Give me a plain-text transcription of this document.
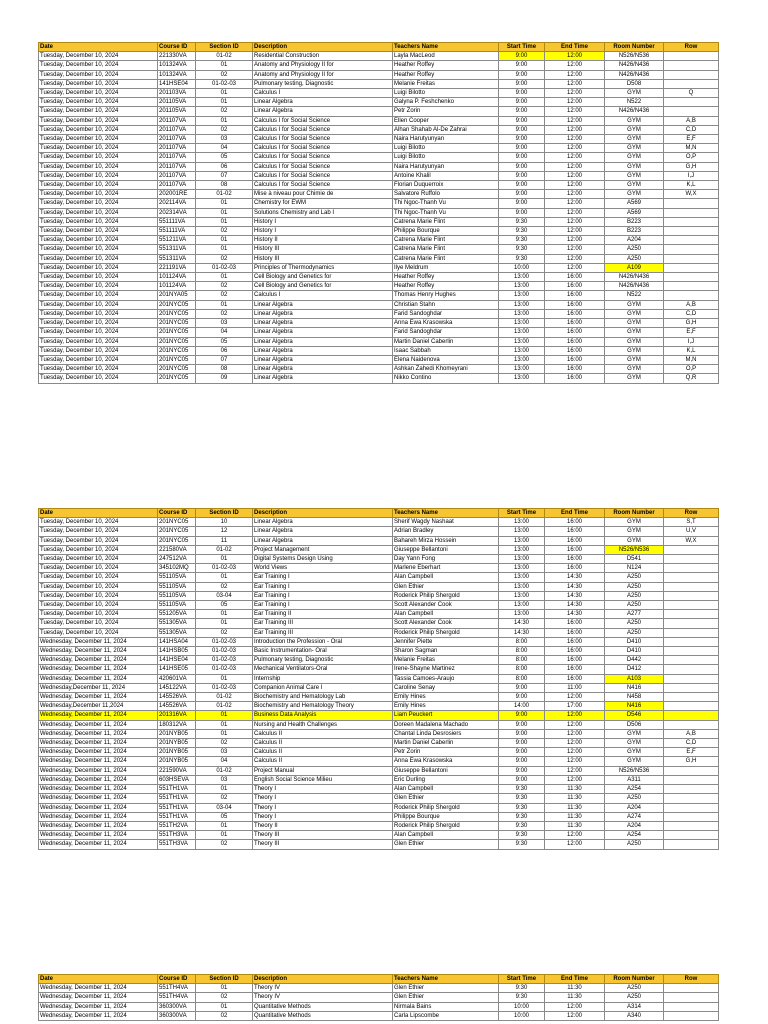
Date	Course ID	Section ID	Description	Teachers Name	Start Time	End Time	Room Number	Row
Tuesday, December 10, 2024	221330VA	01-02	Residential Construction	Layla MacLeod	9:00	12:00	N526/N536	
Tuesday, December 10, 2024	101324VA	01	Anatomy and Physiology II for	Heather Roffey	9:00	12:00	N426/N436	
Tuesday, December 10, 2024	101324VA	02	Anatomy and Physiology II for	Heather Roffey	9:00	12:00	N426/N436	
Tuesday, December 10, 2024	141HSE04	01-02-03	Pulmonary testing, Diagnostic	Melanie Freitas	9:00	12:00	D508	
Tuesday, December 10, 2024	201103VA	01	Calculus I	Luigi Bilotto	9:00	12:00	GYM	Q
Tuesday, December 10, 2024	201105VA	01	Linear Algebra	Galyna P. Feshchenko	9:00	12:00	N522	
Tuesday, December 10, 2024	201105VA	02	Linear Algebra	Petr Zorin	9:00	12:00	N426/N436	
Tuesday, December 10, 2024	201107VA	01	Calculus I for Social Science	Ellen Cooper	9:00	12:00	GYM	A,B
Tuesday, December 10, 2024	201107VA	02	Calculus I for Social Science	Alhan Shahab Al-De Zahrai	9:00	12:00	GYM	C,D
Tuesday, December 10, 2024	201107VA	03	Calculus I for Social Science	Naira Harutyunyan	9:00	12:00	GYM	E,F
Tuesday, December 10, 2024	201107VA	04	Calculus I for Social Science	Luigi Bilotto	9:00	12:00	GYM	M,N
Tuesday, December 10, 2024	201107VA	05	Calculus I for Social Science	Luigi Bilotto	9:00	12:00	GYM	O,P
Tuesday, December 10, 2024	201107VA	06	Calculus I for Social Science	Naira Harutyunyan	9:00	12:00	GYM	G,H
Tuesday, December 10, 2024	201107VA	07	Calculus I for Social Science	Antoine Khalil	9:00	12:00	GYM	I,J
Tuesday, December 10, 2024	201107VA	08	Calculus I for Social Science	Florian Duquerroix	9:00	12:00	GYM	K,L
Tuesday, December 10, 2024	202001RE	01-02	Mise à niveau pour Chimie de	Salvatore Ruffolo	9:00	12:00	GYM	W,X
Tuesday, December 10, 2024	202114VA	01	Chemistry for EWM	Thi Ngoc-Thanh Vu	9:00	12:00	A569	
Tuesday, December 10, 2024	202314VA	01	Solutions Chemistry and Lab I	Thi Ngoc-Thanh Vu	9:00	12:00	A569	
Tuesday, December 10, 2024	551111VA	01	History I	Catrena Marie Flint	9:30	12:00	B223	
Tuesday, December 10, 2024	551111VA	02	History I	Philippe Bourque	9:30	12:00	B223	
Tuesday, December 10, 2024	551211VA	01	History II	Catrena Marie Flint	9:30	12:00	A204	
Tuesday, December 10, 2024	551311VA	01	History III	Catrena Marie Flint	9:30	12:00	A250	
Tuesday, December 10, 2024	551311VA	02	History III	Catrena Marie Flint	9:30	12:00	A250	
Tuesday, December 10, 2024	221191VA	01-02-03	Principles of Thermodynamics	Ilye Meldrum	10:00	12:00	A109	
Tuesday, December 10, 2024	101124VA	01	Cell Biology and Genetics for	Heather Roffey	13:00	16:00	N426/N436	
Tuesday, December 10, 2024	101124VA	02	Cell Biology and Genetics for	Heather Roffey	13:00	16:00	N426/N436	
Tuesday, December 10, 2024	201NYA05	02	Calculus I	Thomas Henry Hughes	13:00	16:00	N522	
Tuesday, December 10, 2024	201NYC05	01	Linear Algebra	Christian Stahn	13:00	16:00	GYM	A,B
Tuesday, December 10, 2024	201NYC05	02	Linear Algebra	Farid Sandoghdar	13:00	16:00	GYM	C,D
Tuesday, December 10, 2024	201NYC05	03	Linear Algebra	Anna Ewa Krasowska	13:00	16:00	GYM	G,H
Tuesday, December 10, 2024	201NYC05	04	Linear Algebra	Farid Sandoghdar	13:00	16:00	GYM	E,F
Tuesday, December 10, 2024	201NYC05	05	Linear Algebra	Martin Daniel Caberlin	13:00	16:00	GYM	I,J
Tuesday, December 10, 2024	201NYC05	06	Linear Algebra	Isaac Sabbah	13:00	16:00	GYM	K,L
Tuesday, December 10, 2024	201NYC05	07	Linear Algebra	Elena Naidenova	13:00	16:00	GYM	M,N
Tuesday, December 10, 2024	201NYC05	08	Linear Algebra	Ashkan Zahedi Khomeyrani	13:00	16:00	GYM	O,P
Tuesday, December 10, 2024	201NYC05	09	Linear Algebra	Nikko Contino	13:00	16:00	GYM	Q,R
Date	Course ID	Section ID	Description	Teachers Name	Start Time	End Time	Room Number	Row
Tuesday, December 10, 2024	201NYC05	10	Linear Algebra	Sherif Wagdy Nashaat	13:00	16:00	GYM	S,T
Tuesday, December 10, 2024	201NYC05	12	Linear Algebra	Adrian Bradley	13:00	16:00	GYM	U,V
Tuesday, December 10, 2024	201NYC05	11	Linear Algebra	Bahareh Mirza Hossein	13:00	16:00	GYM	W,X
Tuesday, December 10, 2024	221580VA	01-02	Project Management	Giuseppe Bellantoni	13:00	16:00	N526/N536	
Tuesday, December 10, 2024	247512VA	01	Digital Systems Design Using	Day Yann Fong	13:00	16:00	D541	
Tuesday, December 10, 2024	345102MQ	01-02-03	World Views	Marlene Eberhart	13:00	16:00	N124	
Tuesday, December 10, 2024	551105VA	01	Ear Training I	Alan Campbell	13:00	14:30	A250	
Tuesday, December 10, 2024	551105VA	02	Ear Training I	Glen Ethier	13:00	14:30	A250	
Tuesday, December 10, 2024	551105VA	03-04	Ear Training I	Roderick Philip Shergold	13:00	14:30	A250	
Tuesday, December 10, 2024	551105VA	05	Ear Training I	Scott Alexander Cook	13:00	14:30	A250	
Tuesday, December 10, 2024	551205VA	01	Ear Training II	Alan Campbell	13:00	14:30	A277	
Tuesday, December 10, 2024	551305VA	01	Ear Training III	Scott Alexander Cook	14:30	16:00	A250	
Tuesday, December 10, 2024	551305VA	02	Ear Training III	Roderick Philip Shergold	14:30	16:00	A250	
Wednesday, December 11, 2024	141HSA04	01-02-03	Introduction the Profession - Oral	Jennifer Piette	8:00	16:00	D410	
Wednesday, December 11, 2024	141HSB05	01-02-03	Basic Instrumentation- Oral	Sharon Sagman	8:00	16:00	D410	
Wednesday, December 11, 2024	141HSE04	01-02-03	Pulmonary testing, Diagnostic	Melanie Freitas	8:00	16:00	D442	
Wednesday, December 11, 2024	141HSE05	01-02-03	Mechanical Ventilators-Oral	Irene-Shayne Martinez	8:00	16:00	D412	
Wednesday, December 11, 2024	420601VA	01	Internship	Tassia Camoes-Araujo	8:00	16:00	A103	
Wednesday,December 11, 2024	145122VA	01-02-03	Companion Animal Care I	Caroline Senay	9:00	11:00	N416	
Wednesday, December 11, 2024	145526VA	01-02	Biochemistry and Hematology Lab	Emily Hines	9:00	12:00	N458	
Wednesday,December 11,2024	145526VA	01-02	Biochemistry and Hematology Theory	Emily Hines	14:00	17:00	N416	
Wednesday, December 11, 2024	201316VA	01	Business Data Analysis	Liam Peuckert	9:00	12:00	D546	
Wednesday, December 11, 2024	180312VA	01	Nursing and Health Challenges	Doreen Madalena Machado	9:00	12:00	D506	
Wednesday, December 11, 2024	201NYB05	01	Calculus II	Chantal Linda Desrosiers	9:00	12:00	GYM	A,B
Wednesday, December 11, 2024	201NYB05	02	Calculus II	Martin Daniel Caberlin	9:00	12:00	GYM	C,D
Wednesday, December 11, 2024	201NYB05	03	Calculus II	Petr Zorin	9:00	12:00	GYM	E,F
Wednesday, December 11, 2024	201NYB05	04	Calculus II	Anna Ewa Krasowska	9:00	12:00	GYM	G,H
Wednesday, December 11, 2024	221590VA	01-02	Project Manual	Giuseppe Bellantoni	9:00	12:00	N526/N536	
Wednesday, December 11, 2024	603HSEVA	03	English Social Science Milieu	Eric Durling	9:00	12:00	A311	
Wednesday, December 11, 2024	551TH1VA	01	Theory I	Alan Campbell	9:30	11:30	A254	
Wednesday, December 11, 2024	551TH1VA	02	Theory I	Glen Ethier	9:30	11:30	A250	
Wednesday, December 11, 2024	551TH1VA	03-04	Theory I	Roderick Philip Shergold	9:30	11:30	A204	
Wednesday, December 11, 2024	551TH1VA	05	Theory I	Philippe Bourque	9:30	11:30	A274	
Wednesday, December 11, 2024	551TH2VA	01	Theory II	Roderick Philip Shergold	9:30	11:30	A204	
Wednesday, December 11, 2024	551TH3VA	01	Theory III	Alan Campbell	9:30	12:00	A254	
Wednesday, December 11, 2024	551TH3VA	02	Theory III	Glen Ethier	9:30	12:00	A250	
Date	Course ID	Section ID	Description	Teachers Name	Start Time	End Time	Room Number	Row
Wednesday, December 11, 2024	551TH4VA	01	Theory IV	Glen Ethier	9:30	11:30	A250	
Wednesday, December 11, 2024	551TH4VA	02	Theory IV	Glen Ethier	9:30	11:30	A250	
Wednesday, December 11, 2024	360300VA	01	Quantitative Methods	Nirmala Bains	10:00	12:00	A314	
Wednesday, December 11, 2024	360300VA	02	Quantitative Methods	Carla Lipscombe	10:00	12:00	A340	
